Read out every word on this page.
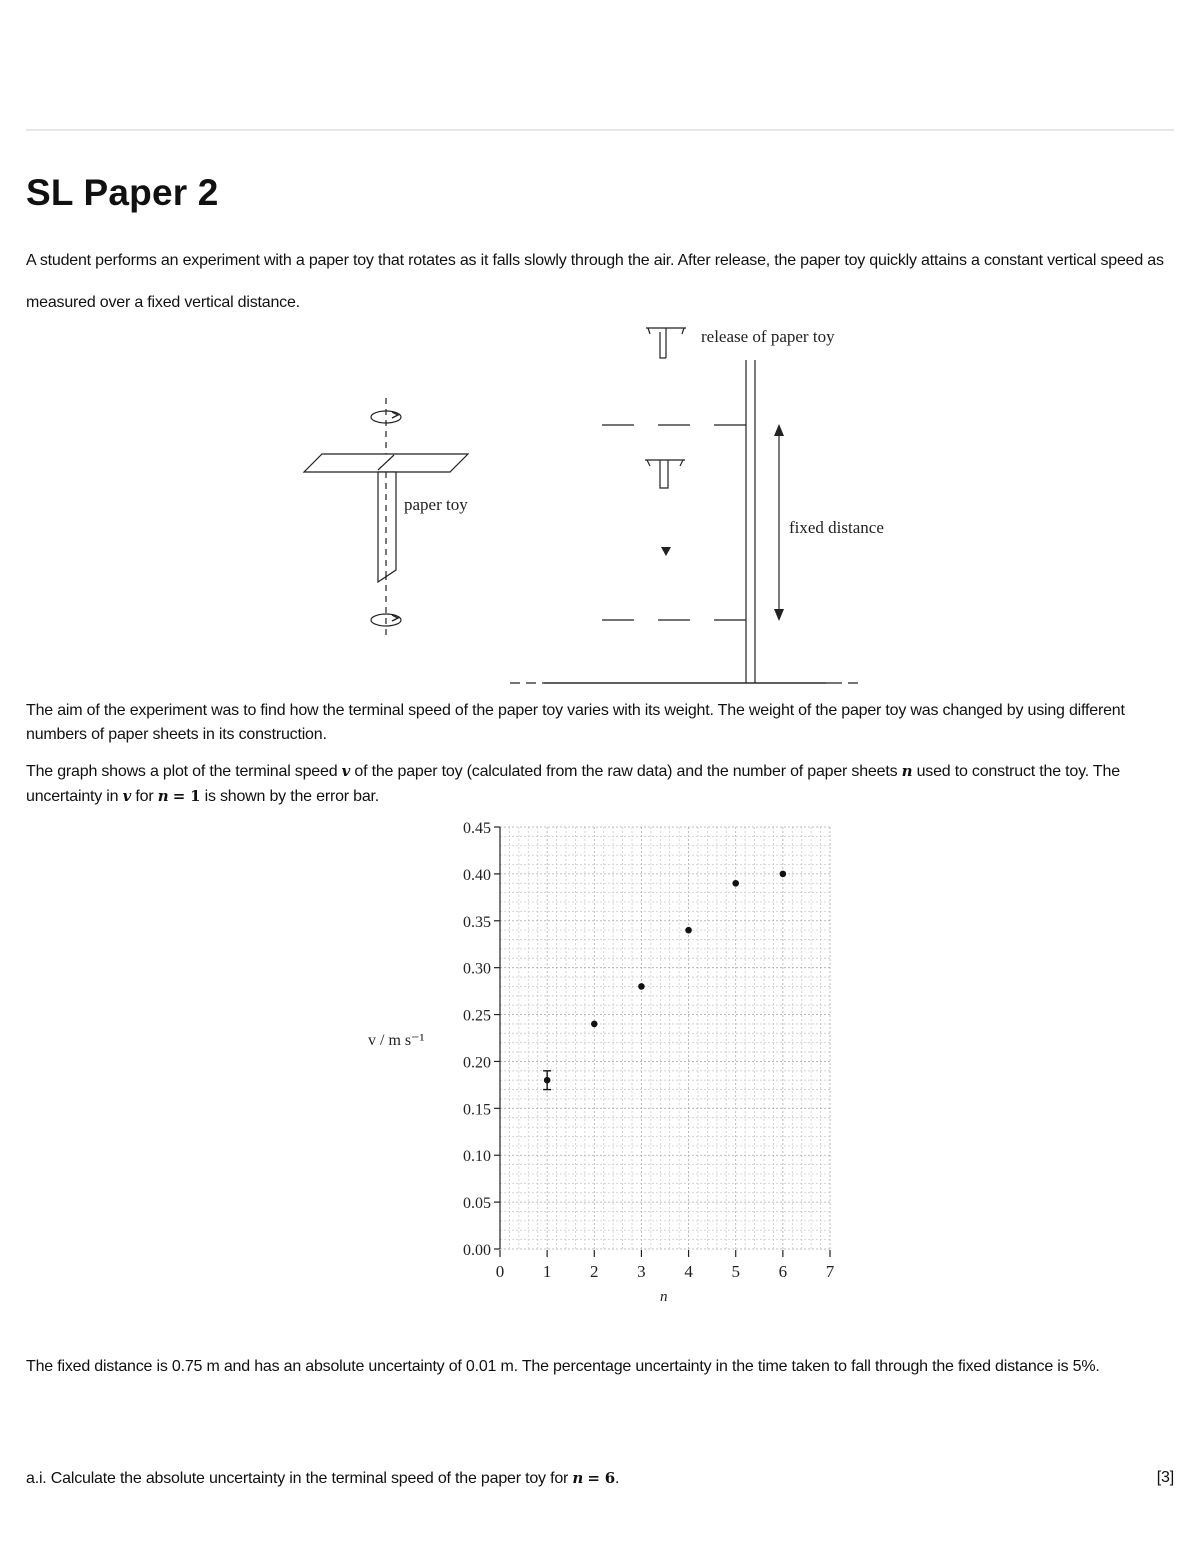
SL Paper 2

A student performs an experiment with a paper toy that rotates as it falls slowly through the air. After release, the paper toy quickly attains a constant vertical speed as measured over a fixed vertical distance.

release of paper toy
paper toy
fixed distance

The aim of the experiment was to find how the terminal speed of the paper toy varies with its weight. The weight of the paper toy was changed by using different numbers of paper sheets in its construction.

The graph shows a plot of the terminal speed v of the paper toy (calculated from the raw data) and the number of paper sheets n used to construct the toy. The uncertainty in v for n = 1 is shown by the error bar.

0.00
0.05
0.10
0.15
0.20
0.25
0.30
0.35
0.40
0.45
0 1 2 3 4 5 6 7
v / m s⁻¹
n

The fixed distance is 0.75 m and has an absolute uncertainty of 0.01 m. The percentage uncertainty in the time taken to fall through the fixed distance is 5%.

a.i. Calculate the absolute uncertainty in the terminal speed of the paper toy for n = 6.	[3]
